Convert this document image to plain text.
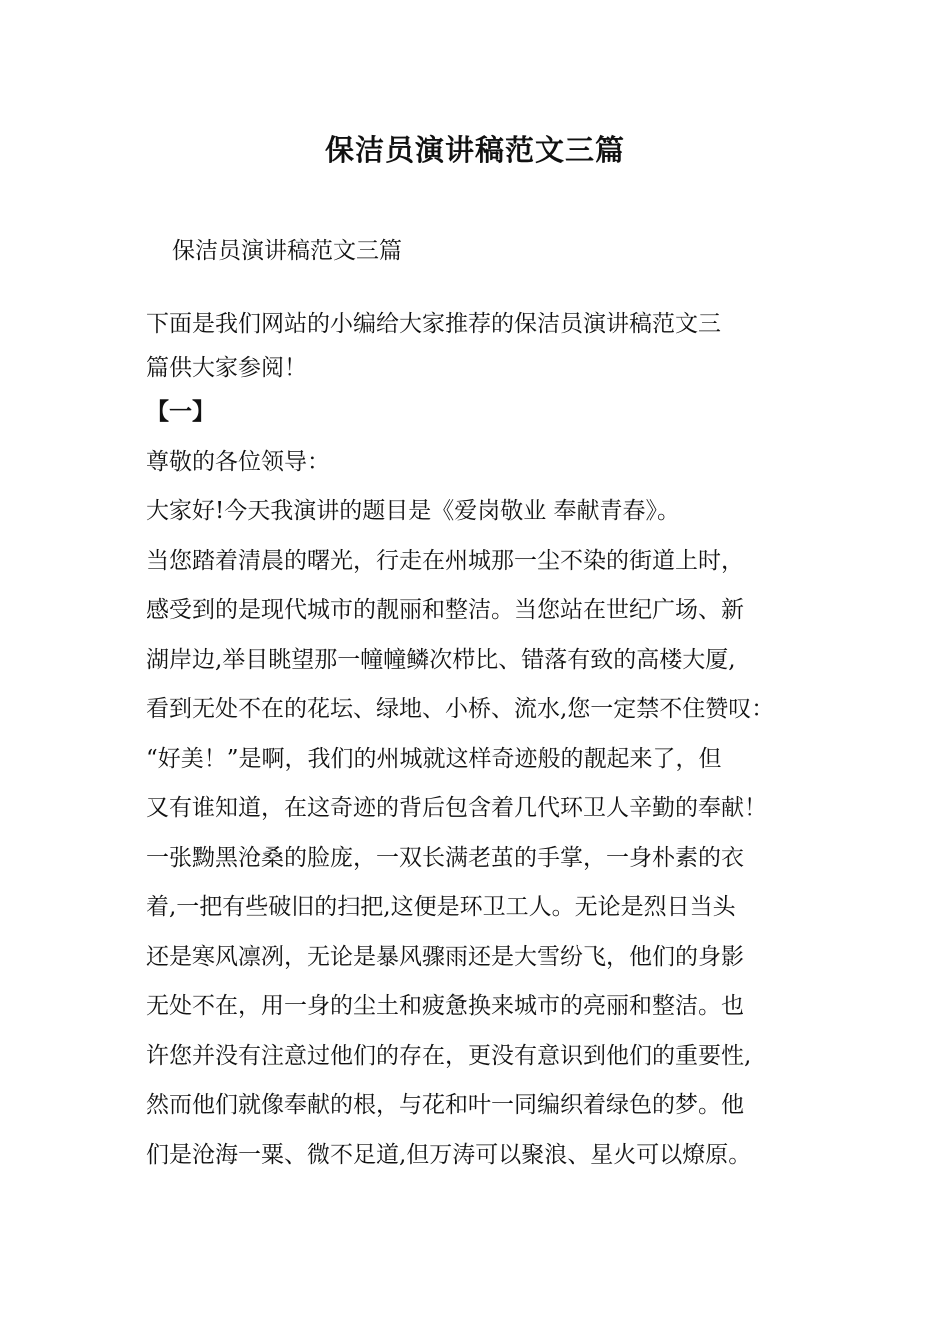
保洁员演讲稿范文三篇

保洁员演讲稿范文三篇

下面是我们网站的小编给大家推荐的保洁员演讲稿范文三
篇供大家参阅！
【一】
尊敬的各位领导：
大家好!今天我演讲的题目是《爱岗敬业 奉献青春》。
当您踏着清晨的曙光，行走在州城那一尘不染的街道上时，
感受到的是现代城市的靓丽和整洁。当您站在世纪广场、新
湖岸边,举目眺望那一幢幢鳞次栉比、错落有致的高楼大厦,
看到无处不在的花坛、绿地、小桥、流水,您一定禁不住赞叹：
“好美！”是啊，我们的州城就这样奇迹般的靓起来了，但
又有谁知道，在这奇迹的背后包含着几代环卫人辛勤的奉献！
一张黝黑沧桑的脸庞，一双长满老茧的手掌，一身朴素的衣
着,一把有些破旧的扫把,这便是环卫工人。无论是烈日当头
还是寒风凛冽，无论是暴风骤雨还是大雪纷飞，他们的身影
无处不在，用一身的尘土和疲惫换来城市的亮丽和整洁。也
许您并没有注意过他们的存在，更没有意识到他们的重要性,
然而他们就像奉献的根，与花和叶一同编织着绿色的梦。他
们是沧海一粟、微不足道,但万涛可以聚浪、星火可以燎原。
